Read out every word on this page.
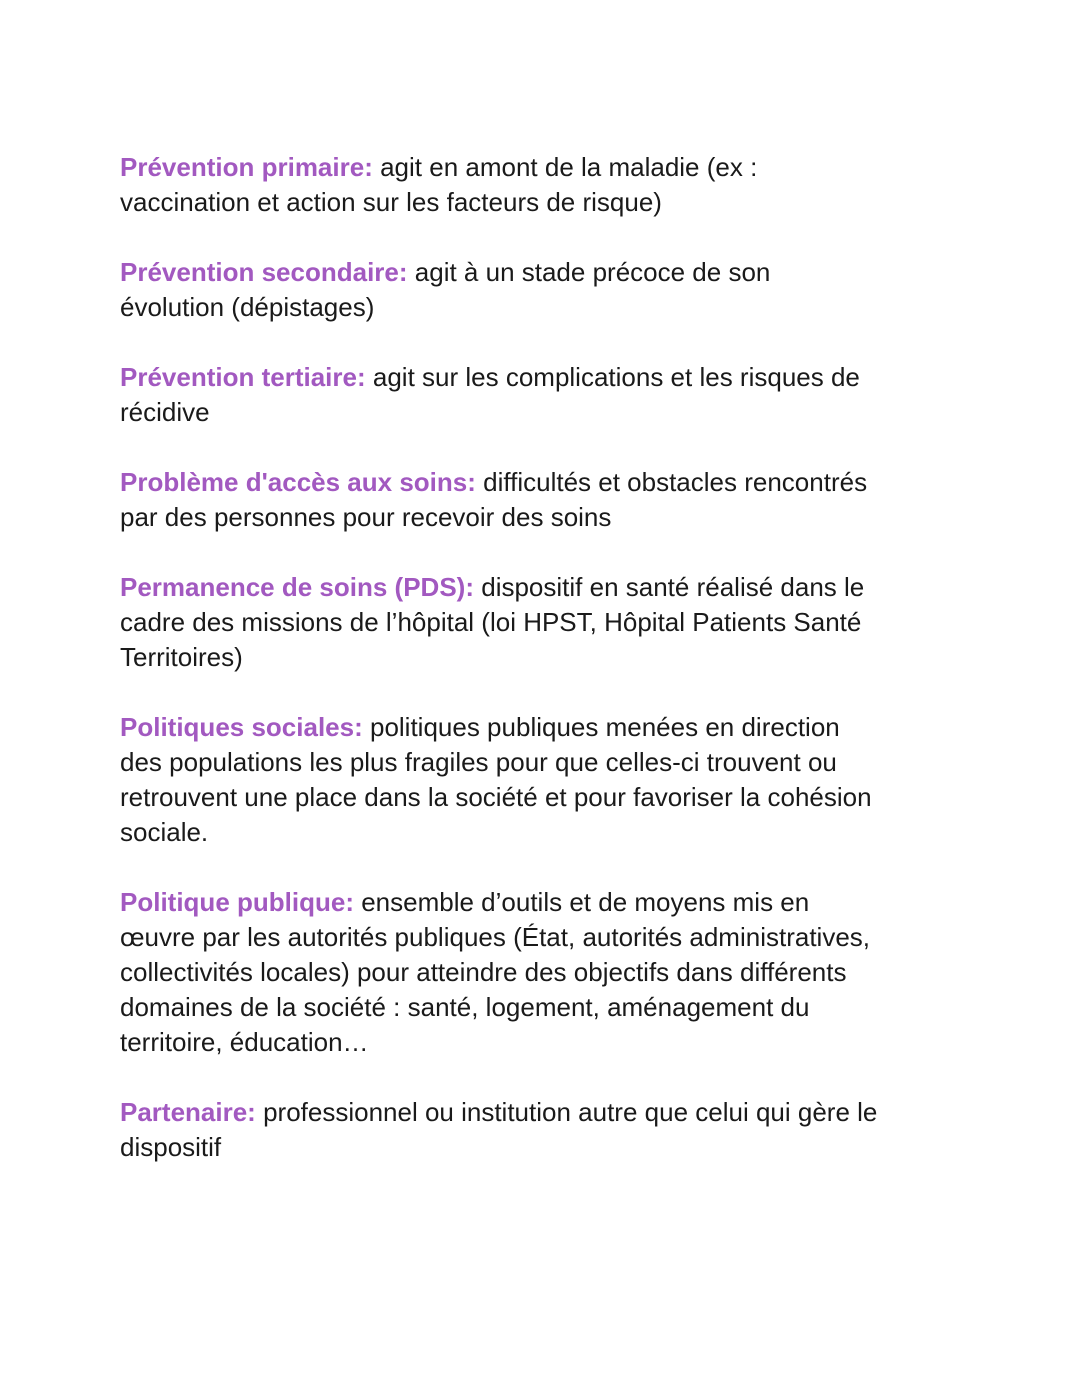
Prévention primaire: agit en amont de la maladie (ex : vaccination et action sur les facteurs de risque)

Prévention secondaire: agit à un stade précoce de son évolution (dépistages)

Prévention tertiaire: agit sur les complications et les risques de récidive

Problème d'accès aux soins: difficultés et obstacles rencontrés par des personnes pour recevoir des soins

Permanence de soins (PDS): dispositif en santé réalisé dans le cadre des missions de l’hôpital (loi HPST, Hôpital Patients Santé Territoires)

Politiques sociales: politiques publiques menées en direction des populations les plus fragiles pour que celles-ci trouvent ou retrouvent une place dans la société et pour favoriser la cohésion sociale.

Politique publique: ensemble d’outils et de moyens mis en œuvre par les autorités publiques (État, autorités administratives, collectivités locales) pour atteindre des objectifs dans différents domaines de la société : santé, logement, aménagement du territoire, éducation…

Partenaire: professionnel ou institution autre que celui qui gère le dispositif
